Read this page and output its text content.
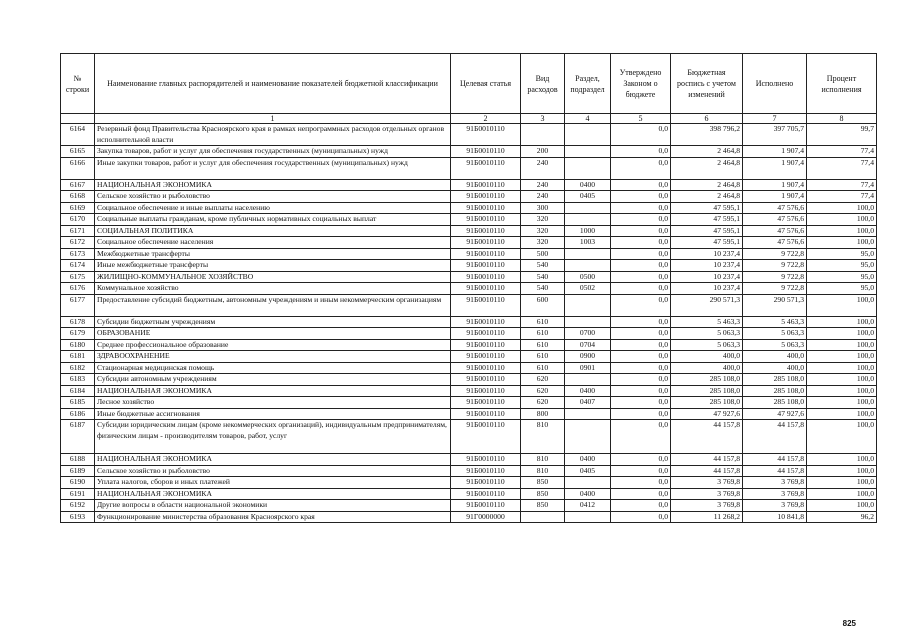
№ строки	Наименование главных распорядителей и наименование показателей бюджетной классификации	Целевая статья	Вид расходов	Раздел, подраздел	Утверждено Законом о бюджете	Бюджетная роспись с учетом изменений	Исполнено	Процент исполнения
	1	2	3	4	5	6	7	8
6164	Резервный фонд Правительства Красноярского края в рамках непрограммных расходов отдельных органов исполнительной власти	91Б0010110			0,0	398 796,2	397 705,7	99,7
6165	Закупка товаров, работ и услуг для обеспечения государственных (муниципальных) нужд	91Б0010110	200		0,0	2 464,8	1 907,4	77,4
6166	Иные закупки товаров, работ и услуг для обеспечения государственных (муниципальных) нужд	91Б0010110	240		0,0	2 464,8	1 907,4	77,4
6167	НАЦИОНАЛЬНАЯ ЭКОНОМИКА	91Б0010110	240	0400	0,0	2 464,8	1 907,4	77,4
6168	Сельское хозяйство и рыболовство	91Б0010110	240	0405	0,0	2 464,8	1 907,4	77,4
6169	Социальное обеспечение и иные выплаты населению	91Б0010110	300		0,0	47 595,1	47 576,6	100,0
6170	Социальные выплаты гражданам, кроме публичных нормативных социальных выплат	91Б0010110	320		0,0	47 595,1	47 576,6	100,0
6171	СОЦИАЛЬНАЯ ПОЛИТИКА	91Б0010110	320	1000	0,0	47 595,1	47 576,6	100,0
6172	Социальное обеспечение населения	91Б0010110	320	1003	0,0	47 595,1	47 576,6	100,0
6173	Межбюджетные трансферты	91Б0010110	500		0,0	10 237,4	9 722,8	95,0
6174	Иные межбюджетные трансферты	91Б0010110	540		0,0	10 237,4	9 722,8	95,0
6175	ЖИЛИЩНО-КОММУНАЛЬНОЕ ХОЗЯЙСТВО	91Б0010110	540	0500	0,0	10 237,4	9 722,8	95,0
6176	Коммунальное хозяйство	91Б0010110	540	0502	0,0	10 237,4	9 722,8	95,0
6177	Предоставление субсидий бюджетным, автономным учреждениям и иным некоммерческим организациям	91Б0010110	600		0,0	290 571,3	290 571,3	100,0
6178	Субсидии бюджетным учреждениям	91Б0010110	610		0,0	5 463,3	5 463,3	100,0
6179	ОБРАЗОВАНИЕ	91Б0010110	610	0700	0,0	5 063,3	5 063,3	100,0
6180	Среднее профессиональное образование	91Б0010110	610	0704	0,0	5 063,3	5 063,3	100,0
6181	ЗДРАВООХРАНЕНИЕ	91Б0010110	610	0900	0,0	400,0	400,0	100,0
6182	Стационарная медицинская помощь	91Б0010110	610	0901	0,0	400,0	400,0	100,0
6183	Субсидии автономным учреждениям	91Б0010110	620		0,0	285 108,0	285 108,0	100,0
6184	НАЦИОНАЛЬНАЯ ЭКОНОМИКА	91Б0010110	620	0400	0,0	285 108,0	285 108,0	100,0
6185	Лесное хозяйство	91Б0010110	620	0407	0,0	285 108,0	285 108,0	100,0
6186	Иные бюджетные ассигнования	91Б0010110	800		0,0	47 927,6	47 927,6	100,0
6187	Субсидии юридическим лицам (кроме некоммерческих организаций), индивидуальным предпринимателям, физическим лицам - производителям товаров, работ, услуг	91Б0010110	810		0,0	44 157,8	44 157,8	100,0
6188	НАЦИОНАЛЬНАЯ ЭКОНОМИКА	91Б0010110	810	0400	0,0	44 157,8	44 157,8	100,0
6189	Сельское хозяйство и рыболовство	91Б0010110	810	0405	0,0	44 157,8	44 157,8	100,0
6190	Уплата налогов, сборов и иных платежей	91Б0010110	850		0,0	3 769,8	3 769,8	100,0
6191	НАЦИОНАЛЬНАЯ ЭКОНОМИКА	91Б0010110	850	0400	0,0	3 769,8	3 769,8	100,0
6192	Другие вопросы в области национальной экономики	91Б0010110	850	0412	0,0	3 769,8	3 769,8	100,0
6193	Функционирование министерства образования Красноярского края	91Г0000000			0,0	11 268,2	10 841,8	96,2
825
